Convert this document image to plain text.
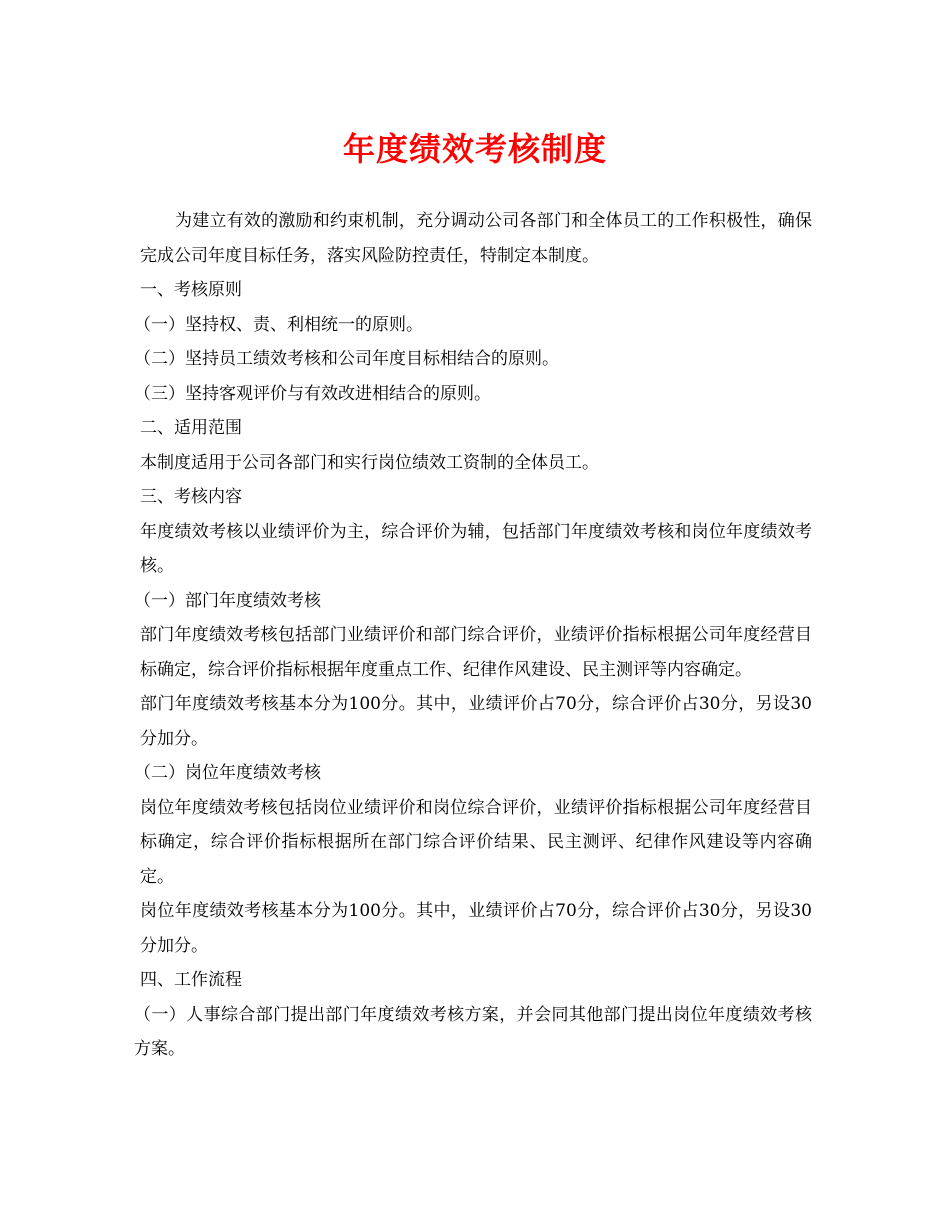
年度绩效考核制度

为建立有效的激励和约束机制，充分调动公司各部门和全体员工的工作积极性，确保完成公司年度目标任务，落实风险防控责任，特制定本制度。

一、考核原则

（一）坚持权、责、利相统一的原则。

（二）坚持员工绩效考核和公司年度目标相结合的原则。

（三）坚持客观评价与有效改进相结合的原则。

二、适用范围

本制度适用于公司各部门和实行岗位绩效工资制的全体员工。

三、考核内容

年度绩效考核以业绩评价为主，综合评价为辅，包括部门年度绩效考核和岗位年度绩效考核。

（一）部门年度绩效考核

部门年度绩效考核包括部门业绩评价和部门综合评价，业绩评价指标根据公司年度经营目标确定，综合评价指标根据年度重点工作、纪律作风建设、民主测评等内容确定。

部门年度绩效考核基本分为100分。其中，业绩评价占70分，综合评价占30分，另设30分加分。

（二）岗位年度绩效考核

岗位年度绩效考核包括岗位业绩评价和岗位综合评价，业绩评价指标根据公司年度经营目标确定，综合评价指标根据所在部门综合评价结果、民主测评、纪律作风建设等内容确定。

岗位年度绩效考核基本分为100分。其中，业绩评价占70分，综合评价占30分，另设30分加分。

四、工作流程

（一）人事综合部门提出部门年度绩效考核方案，并会同其他部门提出岗位年度绩效考核方案。
